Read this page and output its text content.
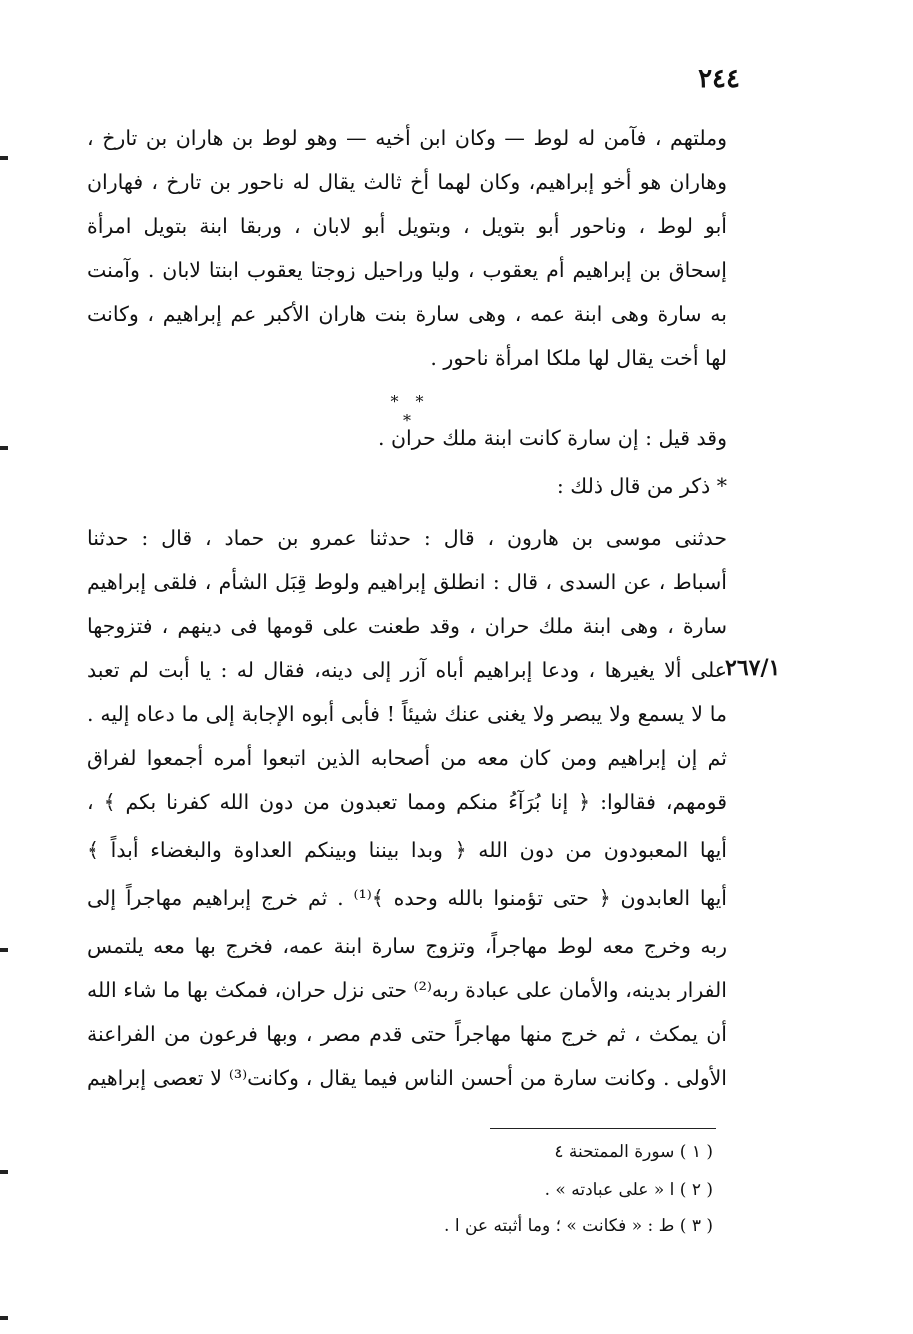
٢٤٤
وملتهم ، فآمن له لوط — وكان ابن أخيه — وهو لوط بن هاران بن تارخ ،
وهاران هو أخو إبراهيم، وكان لهما أخ ثالث يقال له ناحور بن تارخ ، فهاران
أبو لوط ، وناحور أبو بتويل ، وبتويل أبو لابان ، وربقا ابنة بتويل امرأة
إسحاق بن إبراهيم أم يعقوب ، وليا وراحيل زوجتا يعقوب ابنتا لابان . وآمنت
به سارة وهى ابنة عمه ، وهى سارة بنت هاران الأكبر عم إبراهيم ، وكانت
لها أخت يقال لها ملكا امرأة ناحور .
* * *
وقد قيل : إن سارة كانت ابنة ملك حران .
* ذكر من قال ذلك :
حدثنى موسى بن هارون ، قال : حدثنا عمرو بن حماد ، قال : حدثنا
أسباط ، عن السدى ، قال : انطلق إبراهيم ولوط قِبَل الشأم ، فلقى إبراهيم
سارة ، وهى ابنة ملك حران ، وقد طعنت على قومها فى دينهم ، فتزوجها
على ألا يغيرها ، ودعا إبراهيم أباه آزر إلى دينه، فقال له : يا أبت لم تعبد
ما لا يسمع ولا يبصر ولا يغنى عنك شيئاً ! فأبى أبوه الإجابة إلى ما دعاه إليه .
ثم إن إبراهيم ومن كان معه من أصحابه الذين اتبعوا أمره أجمعوا لفراق
قومهم، فقالوا: ﴿ إنا بُرَآءُ منكم ومما تعبدون من دون الله كفرنا بكم ﴾ ،
أيها المعبودون من دون الله ﴿ وبدا بيننا وبينكم العداوة والبغضاء أبداً ﴾
أيها العابدون ﴿ حتى تؤمنوا بالله وحده ﴾⁽¹⁾ . ثم خرج إبراهيم مهاجراً إلى
ربه وخرج معه لوط مهاجراً، وتزوج سارة ابنة عمه، فخرج بها معه يلتمس
الفرار بدينه، والأمان على عبادة ربه⁽²⁾ حتى نزل حران، فمكث بها ما شاء الله
أن يمكث ، ثم خرج منها مهاجراً حتى قدم مصر ، وبها فرعون من الفراعنة
الأولى . وكانت سارة من أحسن الناس فيما يقال ، وكانت⁽³⁾ لا تعصى إبراهيم
٢٦٧/١
( ١ ) سورة الممتحنة ٤
( ٢ ) ا « على عبادته » .
( ٣ ) ط : « فكانت » ؛ وما أثبته عن ا .
